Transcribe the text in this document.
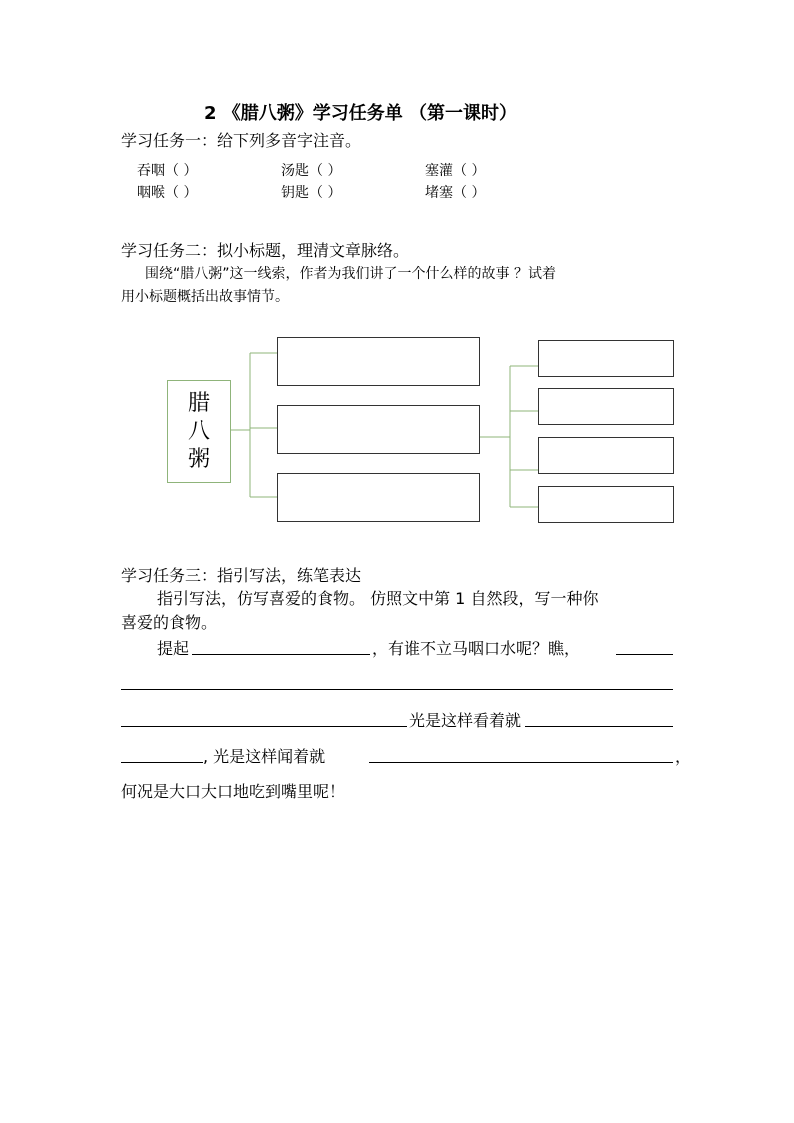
2 《腊八粥》学习任务单 （第一课时）
学习任务一：给下列多音字注音。
吞咽（ ）
咽喉（ ）
汤匙（ ）
钥匙（ ）
塞灌（ ）
堵塞（ ）
学习任务二：拟小标题，理清文章脉络。
围绕“腊八粥”这一线索，作者为我们讲了一个什么样的故事 ？试着
用小标题概括出故事情节。
腊
八
粥
学习任务三：指引写法，练笔表达
指引写法，仿写喜爱的食物。 仿照文中第 1 自然段，写一种你
喜爱的食物。
提起	，有谁不立马咽口水呢？瞧，
光是这样看着就
, 光是这样闻着就	，
何况是大口大口地吃到嘴里呢！
